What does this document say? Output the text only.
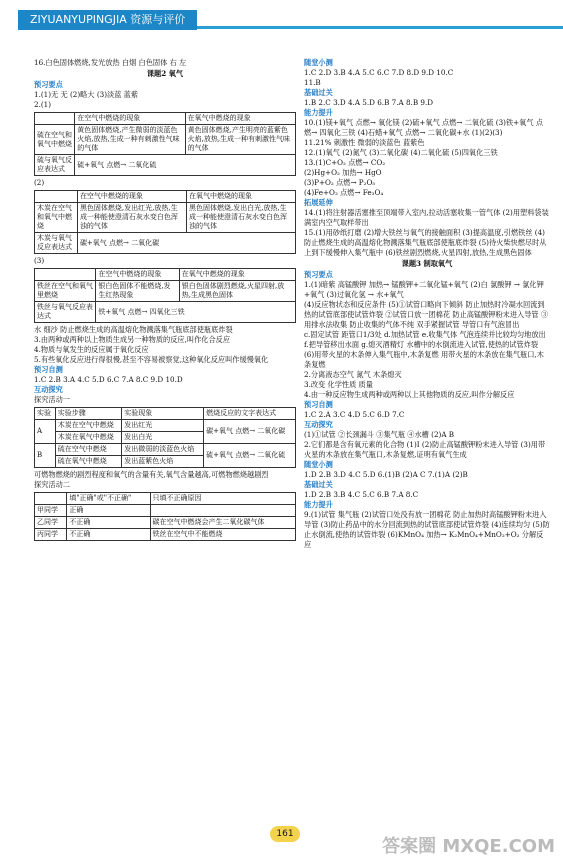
ZIYUANYUPINGJIA 资源与评价
16.白色固体燃烧,发光放热 白烟 白色固体 右 左
课题2 氧气
预习要点
1.(1)无 无 (2)略大 (3)淡蓝 蓝紫
2.(1)
	在空气中燃烧的现象	在氧气中燃烧的现象
硫在空气和氧气中燃烧	黄色固体燃烧,产生微弱的淡蓝色火焰,放热,生成一种有刺激性气味的气体	黄色固体燃烧,产生明亮的蓝紫色火焰,放热,生成一种有刺激性气味的气体
硫与氧气反应表达式	硫+氧气 点燃→ 二氧化硫	
(2)
	在空气中燃烧的现象	在氧气中燃烧的现象
木炭在空气和氧气中燃烧	黑色固体燃烧,发出红光,放热,生成一种能使澄清石灰水变白色浑浊的气体	黑色固体燃烧,发出白光,放热,生成一种能使澄清石灰水变白色浑浊的气体
木炭与氧气反应表达式	碳+氧气 点燃→ 二氧化碳	
(3)
	在空气中燃烧的现象	在氧气中燃烧的现象
铁丝在空气和氧气里燃烧	银白色固体不能燃烧,发生红热现象	银白色固体剧烈燃烧,火星四射,放热,生成黑色固体
铁丝与氧气反应表达式	铁+氧气 点燃→ 四氧化三铁	
水 细沙 防止燃烧生成的高温熔化物溅落集气瓶底部使瓶底炸裂
3.由两种或两种以上物质生成另一种物质的反应,叫作化合反应
4.物质与氧发生的反应属于氧化反应
5.有些氧化反应进行得很慢,甚至不容易被察觉,这种氧化反应叫作缓慢氧化
预习自测
1.C 2.B 3.A 4.C 5.D 6.C 7.A 8.C 9.D 10.D
互动探究
探究活动一
实验	实验步骤	实验现象	燃烧反应的文字表达式
A	木炭在空气中燃烧	发出红光	碳+氧气 点燃→ 二氧化碳
	木炭在氧气中燃烧	发出白光	
B	硫在空气中燃烧	发出微弱的淡蓝色火焰	硫+氧气 点燃→ 二氧化硫
	硫在氧气中燃烧	发出蓝紫色火焰	
可燃物燃烧的剧烈程度和氧气的含量有关,氧气含量越高,可燃物燃烧越剧烈
探究活动二
	填"正确"或"不正确"	只填不正确原因
甲同学	正确	
乙同学	不正确	碳在空气中燃烧会产生二氧化碳气体
丙同学	不正确	铁丝在空气中不能燃烧
随堂小测
1.C 2.D 3.B 4.A 5.C 6.C 7.D 8.D 9.D 10.C
11.B
基础过关
1.B 2.C 3.D 4.A 5.D 6.B 7.A 8.B 9.D
能力提升
10.(1)镁+氧气 点燃→ 氧化镁 (2)硫+氧气 点燃→ 二氧化硫 (3)铁+氧气 点燃→ 四氧化三铁 (4)石蜡+氧气 点燃→ 二氧化碳+水 (1)(2)(3)
11.21% 刺激性 微弱的淡蓝色 蓝紫色
12.(1)氧气 (2)氮气 (3)二氧化碳 (4)二氧化硫 (5)四氧化三铁
13.(1)C+O₂ 点燃→ CO₂
(2)Hg+O₂ 加热→ HgO
(3)P+O₂ 点燃→ P₂O₅
(4)Fe+O₂ 点燃→ Fe₃O₄
拓展延伸
14.(1)将注射器活塞推至顶端带入室内,拉动活塞收集一管气体 (2)用塑料袋装满室内空气取样带出
15.(1)用砂纸打磨 (2)增大铁丝与氧气的接触面积 (3)提高温度,引燃铁丝 (4)防止燃烧生成的高温熔化物溅落集气瓶底部使瓶底炸裂 (5)待火柴快燃尽时从上到下缓慢伸入集气瓶中 (6)铁丝剧烈燃烧,火星四射,放热,生成黑色固体
课题3 制取氧气
预习要点
1.(1)暗紫 高锰酸钾 加热→ 锰酸钾+二氧化锰+氧气 (2)白 氯酸钾 → 氯化钾+氧气 (3)过氧化氢 → 水+氧气
(4)反应物状态和反应条件 (5)①试管口略向下倾斜 防止加热时冷凝水回流到热的试管底部使试管炸裂 ②试管口放一团棉花 防止高锰酸钾粉末进入导管 ③用排水法收集 防止收集的气体不纯 双手紧握试管 导管口有气泡冒出
c.固定试管 距管口1/3处 d.加热试管 e.收集气体 气泡连续并比较均匀地放出 f.把导管移出水面 g.熄灭酒精灯 水槽中的水倒流进入试管,使热的试管炸裂 (6)用带火星的木条伸入集气瓶中,木条复燃 用带火星的木条放在集气瓶口,木条复燃
2.分离液态空气 氮气 木条熄灭
3.改变 化学性质 质量
4.由一种反应物生成两种或两种以上其他物质的反应,叫作分解反应
预习自测
1.C 2.A 3.C 4.D 5.C 6.D 7.C
互动探究
(1)①试管 ②长颈漏斗 ③集气瓶 ④水槽 (2)A B
2.它们都是含有氧元素的化合物 (1)Ⅰ (2)防止高锰酸钾粉末进入导管 (3)用带火星的木条放在集气瓶口,木条复燃,证明有氧气生成
随堂小测
1.D 2.B 3.D 4.C 5.D 6.(1)B (2)A C 7.(1)A (2)B
基础过关
1.D 2.B 3.B 4.C 5.C 6.B 7.A 8.C
能力提升
9.(1)试管 集气瓶 (2)试管口处没有放一团棉花 防止加热时高锰酸钾粉末进入导管 (3)防止药品中的水分回流到热的试管底部使试管炸裂 (4)连续均匀 (5)防止水倒流,使热的试管炸裂 (6)KMnO₄ 加热→ K₂MnO₄+MnO₂+O₂ 分解反应
161
答案圈 MXQE.COM
